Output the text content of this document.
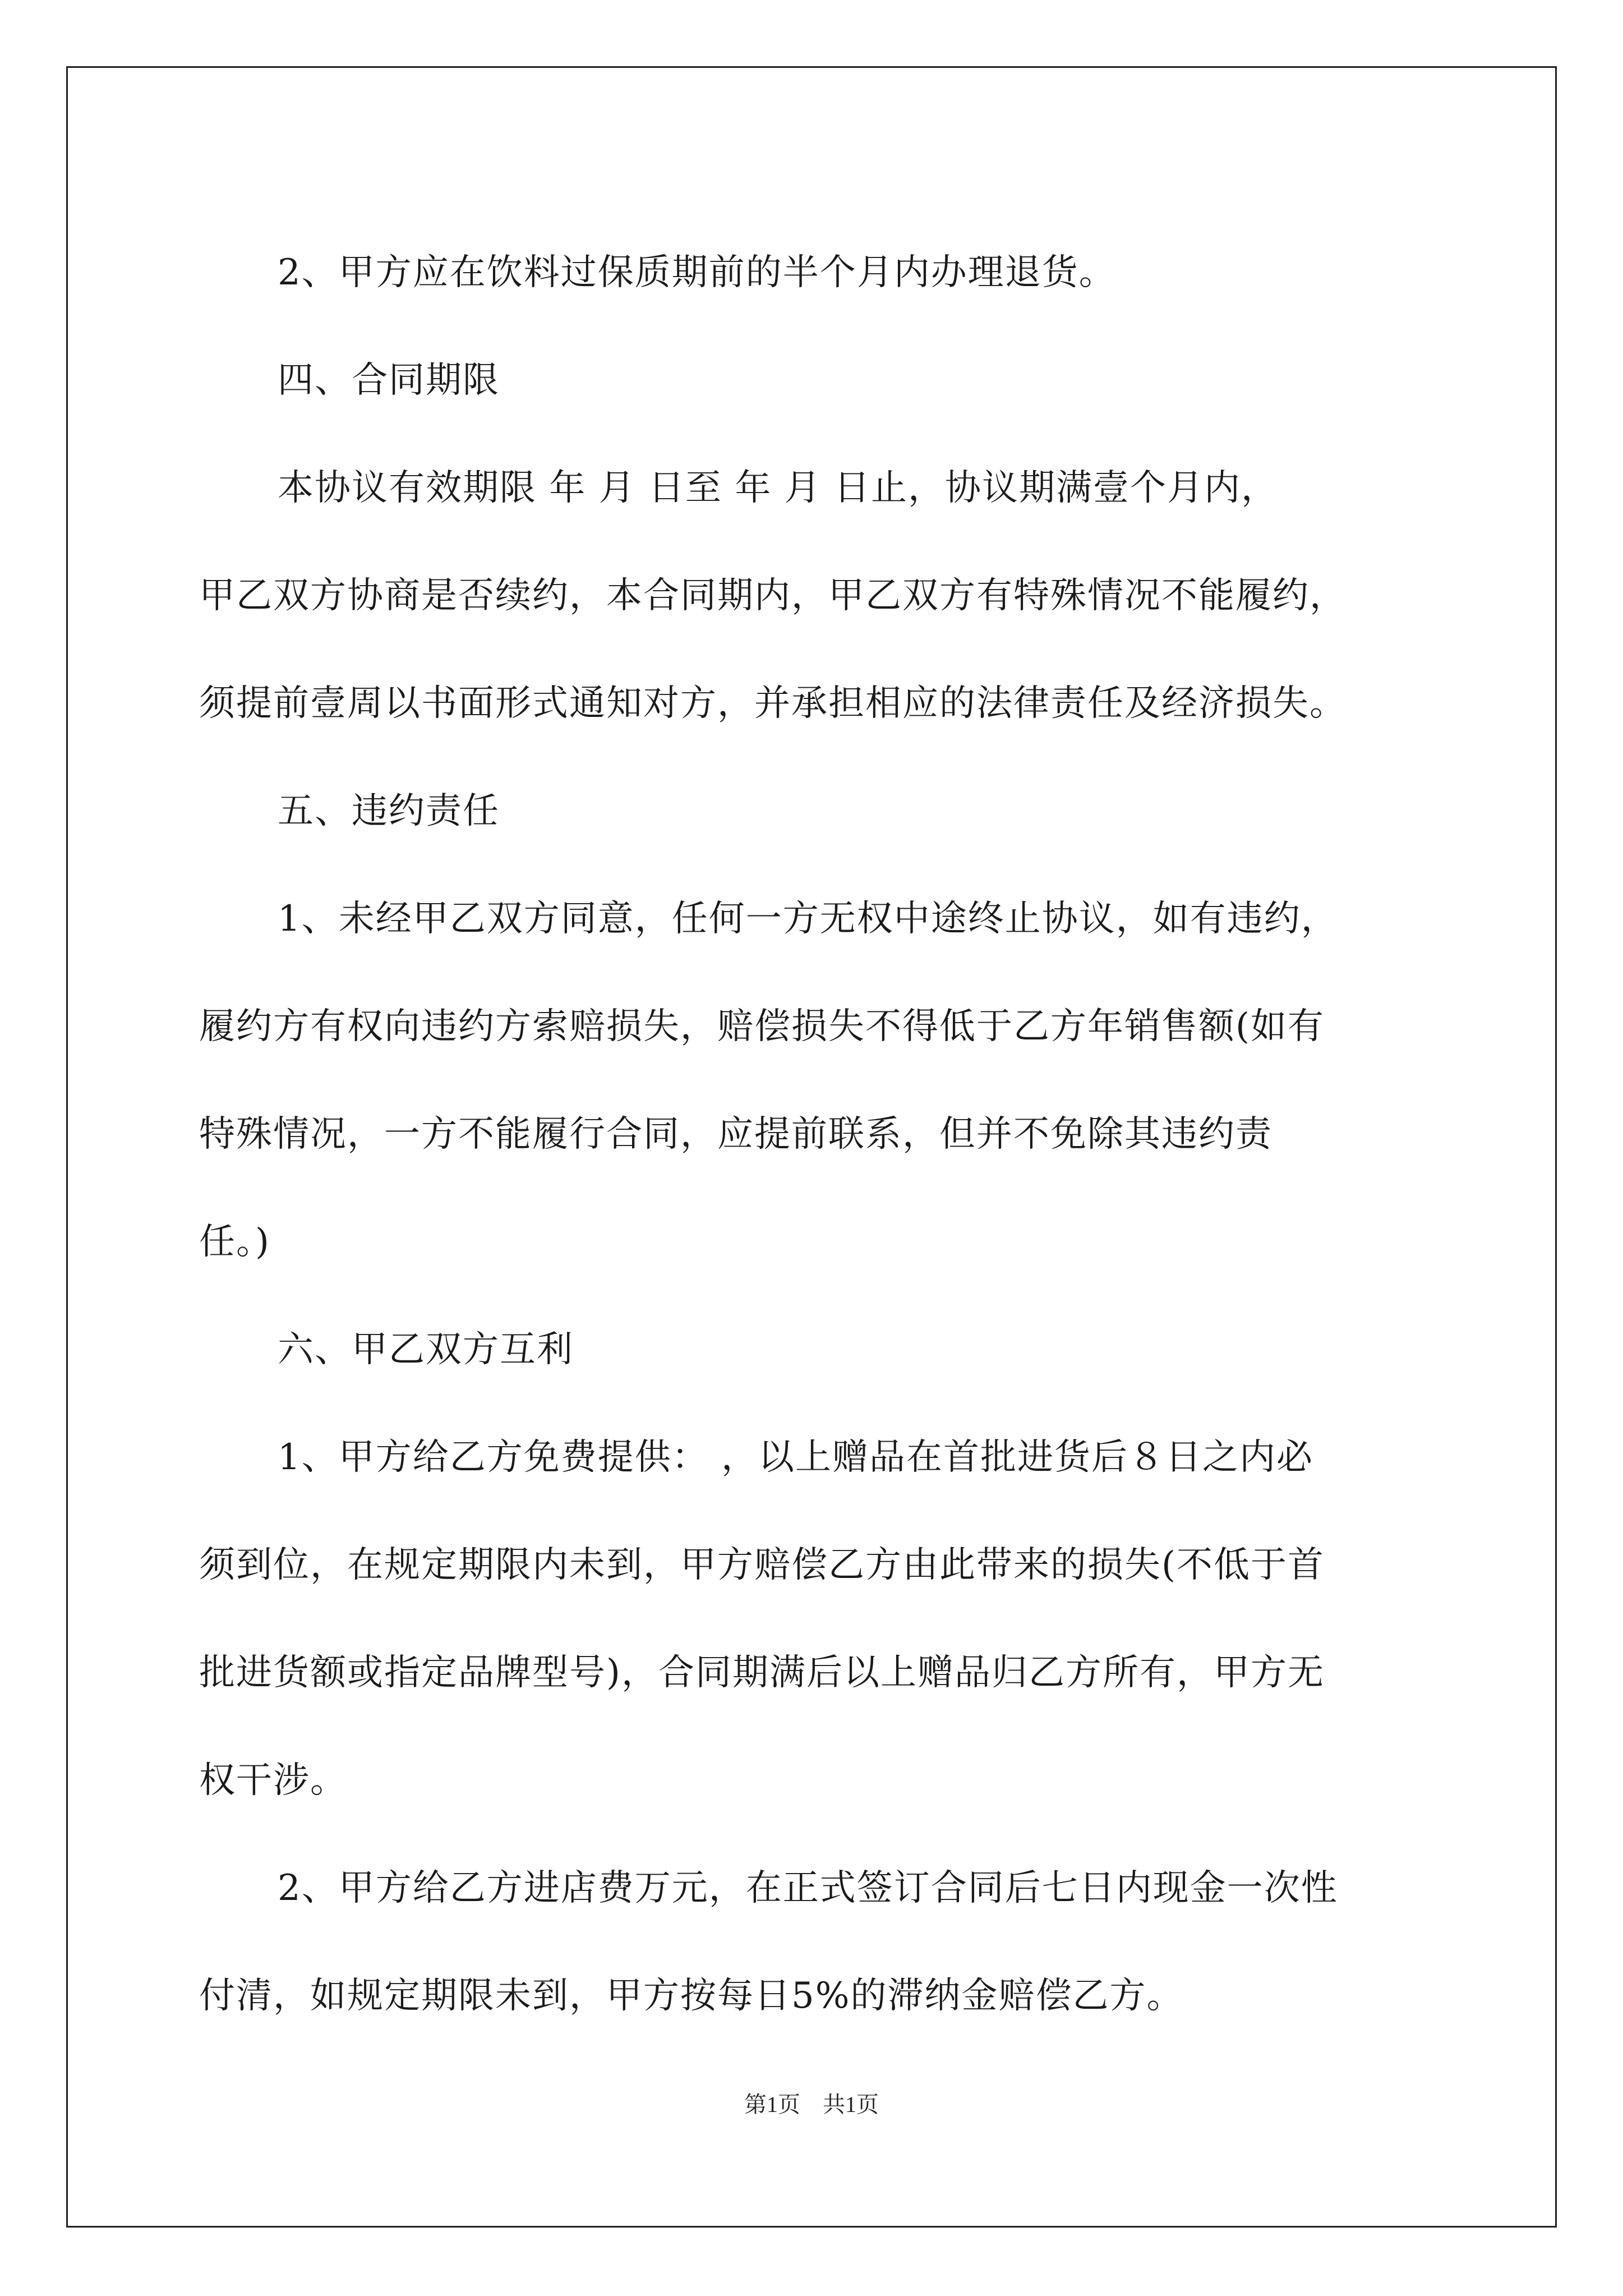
2、甲方应在饮料过保质期前的半个月内办理退货。
四、合同期限
本协议有效期限 年 月 日至 年 月 日止，协议期满壹个月内，
甲乙双方协商是否续约，本合同期内，甲乙双方有特殊情况不能履约，
须提前壹周以书面形式通知对方，并承担相应的法律责任及经济损失。
五、违约责任
1、未经甲乙双方同意，任何一方无权中途终止协议，如有违约，
履约方有权向违约方索赔损失，赔偿损失不得低于乙方年销售额(如有
特殊情况，一方不能履行合同，应提前联系，但并不免除其违约责
任。)
六、甲乙双方互利
1、甲方给乙方免费提供： ，以上赠品在首批进货后８日之内必
须到位，在规定期限内未到，甲方赔偿乙方由此带来的损失(不低于首
批进货额或指定品牌型号)，合同期满后以上赠品归乙方所有，甲方无
权干涉。
2、甲方给乙方进店费万元，在正式签订合同后七日内现金一次性
付清，如规定期限未到，甲方按每日5%的滞纳金赔偿乙方。
第1页 共1页
